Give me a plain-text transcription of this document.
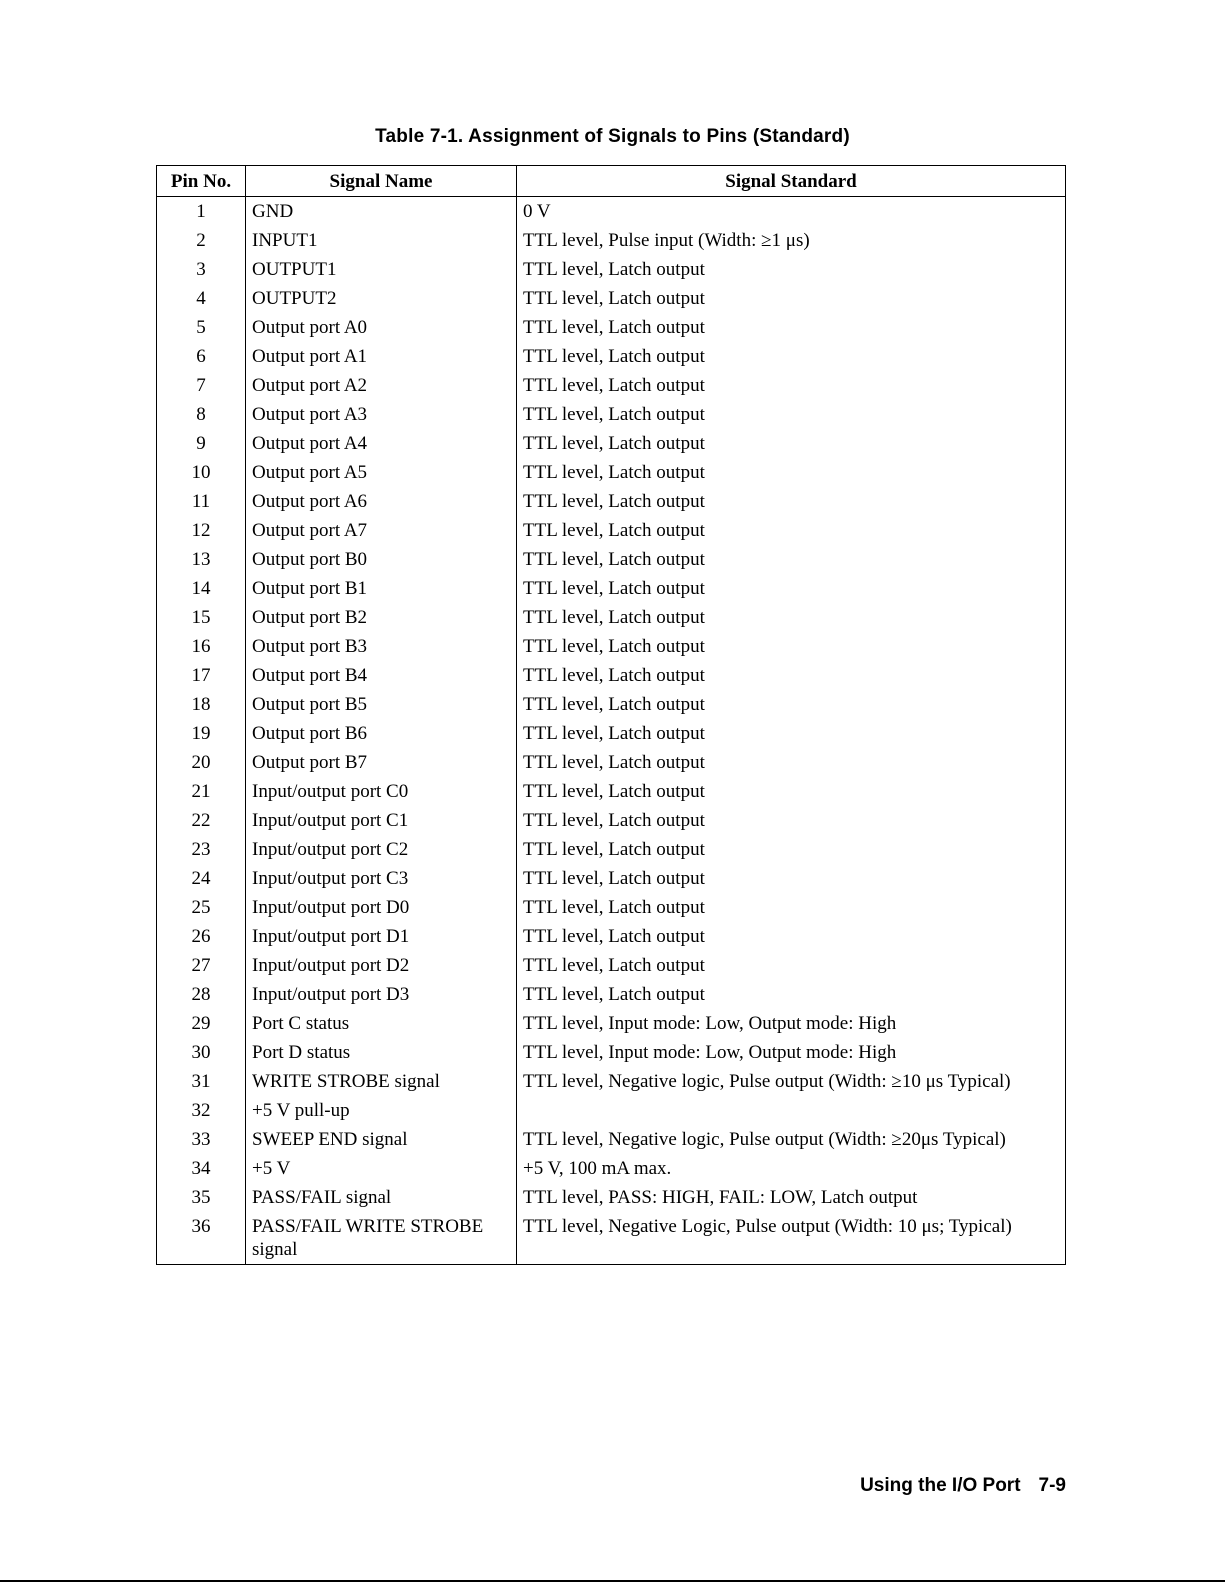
Table 7-1. Assignment of Signals to Pins (Standard)
Pin No.	Signal Name	Signal Standard
1	GND	0 V
2	INPUT1	TTL level, Pulse input (Width: ≥1 μs)
3	OUTPUT1	TTL level, Latch output
4	OUTPUT2	TTL level, Latch output
5	Output port A0	TTL level, Latch output
6	Output port A1	TTL level, Latch output
7	Output port A2	TTL level, Latch output
8	Output port A3	TTL level, Latch output
9	Output port A4	TTL level, Latch output
10	Output port A5	TTL level, Latch output
11	Output port A6	TTL level, Latch output
12	Output port A7	TTL level, Latch output
13	Output port B0	TTL level, Latch output
14	Output port B1	TTL level, Latch output
15	Output port B2	TTL level, Latch output
16	Output port B3	TTL level, Latch output
17	Output port B4	TTL level, Latch output
18	Output port B5	TTL level, Latch output
19	Output port B6	TTL level, Latch output
20	Output port B7	TTL level, Latch output
21	Input/output port C0	TTL level, Latch output
22	Input/output port C1	TTL level, Latch output
23	Input/output port C2	TTL level, Latch output
24	Input/output port C3	TTL level, Latch output
25	Input/output port D0	TTL level, Latch output
26	Input/output port D1	TTL level, Latch output
27	Input/output port D2	TTL level, Latch output
28	Input/output port D3	TTL level, Latch output
29	Port C status	TTL level, Input mode: Low, Output mode: High
30	Port D status	TTL level, Input mode: Low, Output mode: High
31	WRITE STROBE signal	TTL level, Negative logic, Pulse output (Width: ≥10 μs Typical)
32	+5 V pull-up	
33	SWEEP END signal	TTL level, Negative logic, Pulse output (Width: ≥20μs Typical)
34	+5 V	+5 V, 100 mA max.
35	PASS/FAIL signal	TTL level, PASS: HIGH, FAIL: LOW, Latch output
36	PASS/FAIL WRITE STROBE signal	TTL level, Negative Logic, Pulse output (Width: 10 μs; Typical)
Using the I/O Port 7-9
